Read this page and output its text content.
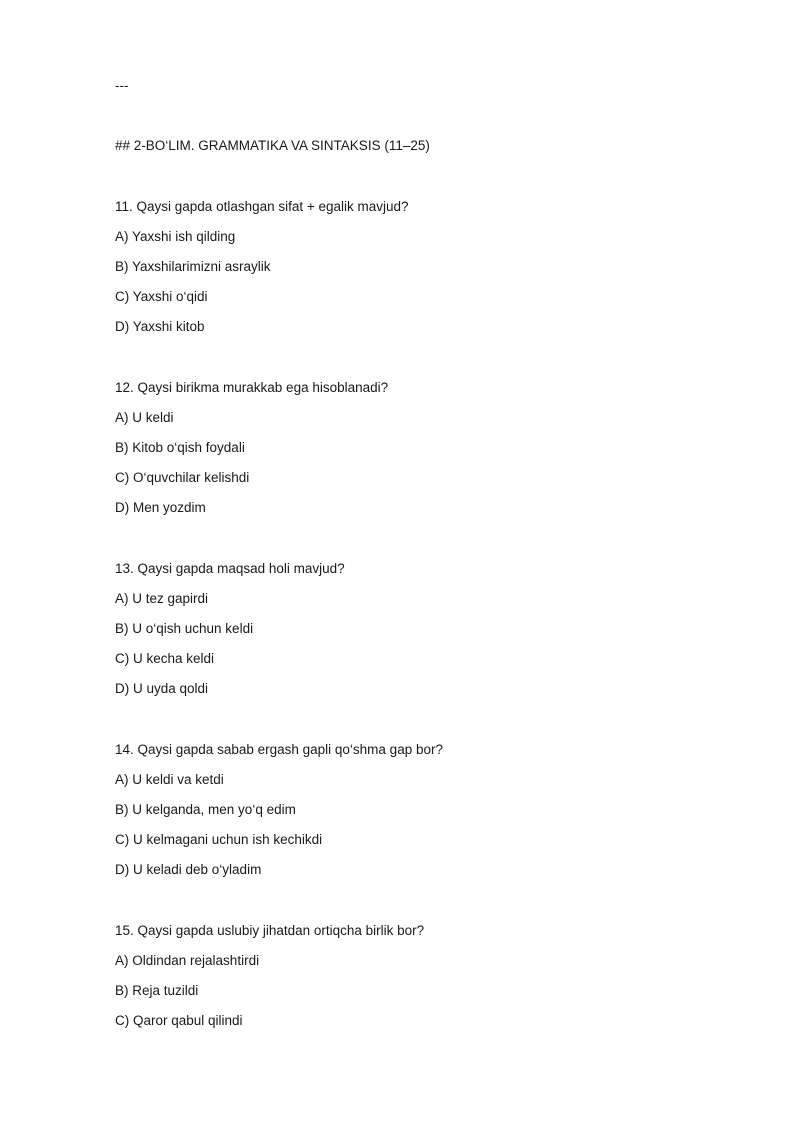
---
## 2-BO‘LIM. GRAMMATIKA VA SINTAKSIS (11–25)
11. Qaysi gapda otlashgan sifat + egalik mavjud?
A) Yaxshi ish qilding
B) Yaxshilarimizni asraylik
C) Yaxshi o‘qidi
D) Yaxshi kitob
12. Qaysi birikma murakkab ega hisoblanadi?
A) U keldi
B) Kitob o‘qish foydali
C) O‘quvchilar kelishdi
D) Men yozdim
13. Qaysi gapda maqsad holi mavjud?
A) U tez gapirdi
B) U o‘qish uchun keldi
C) U kecha keldi
D) U uyda qoldi
14. Qaysi gapda sabab ergash gapli qo‘shma gap bor?
A) U keldi va ketdi
B) U kelganda, men yo‘q edim
C) U kelmagani uchun ish kechikdi
D) U keladi deb o‘yladim
15. Qaysi gapda uslubiy jihatdan ortiqcha birlik bor?
A) Oldindan rejalashtirdi
B) Reja tuzildi
C) Qaror qabul qilindi
